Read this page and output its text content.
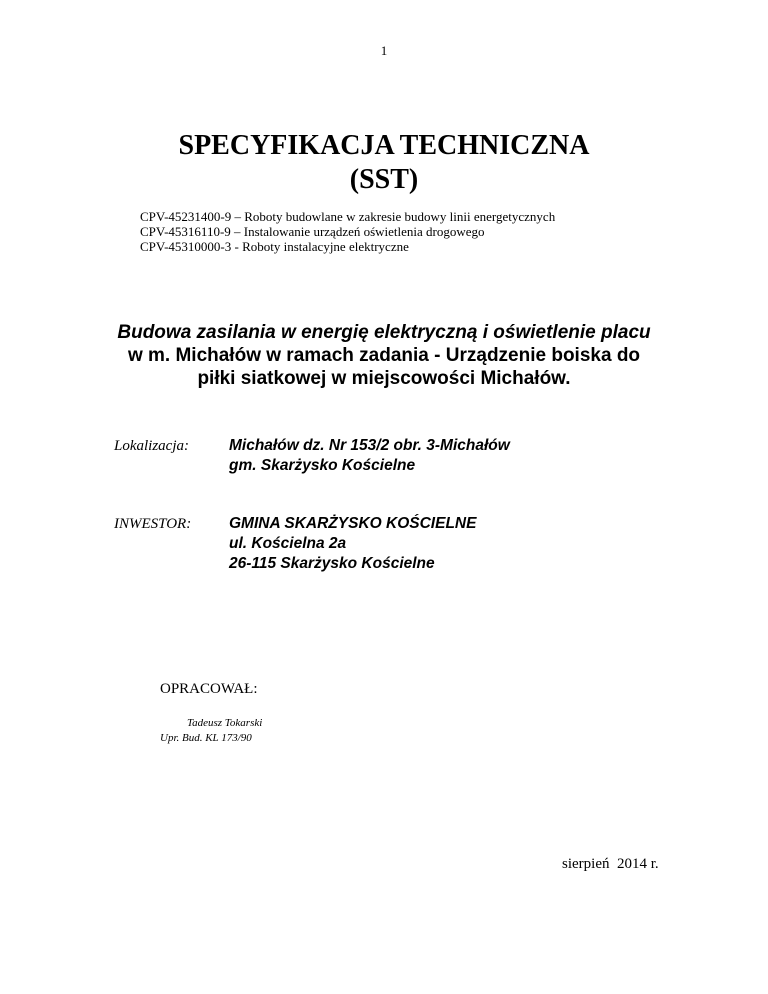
1
SPECYFIKACJA TECHNICZNA
(SST)
CPV-45231400-9 – Roboty budowlane w zakresie budowy linii energetycznych
CPV-45316110-9 – Instalowanie urządzeń oświetlenia drogowego
CPV-45310000-3 - Roboty instalacyjne elektryczne
Budowa zasilania w energię elektryczną i oświetlenie placu
w m. Michałów w ramach zadania - Urządzenie boiska do
piłki siatkowej w miejscowości Michałów.
Lokalizacja:	Michałów dz. Nr 153/2 obr. 3-Michałów
gm. Skarżysko Kościelne
INWESTOR: GMINA SKARŻYSKO KOŚCIELNE
ul. Kościelna 2a
26-115 Skarżysko Kościelne
OPRACOWAŁ:
Tadeusz Tokarski
Upr. Bud. KL 173/90
sierpień  2014 r.
